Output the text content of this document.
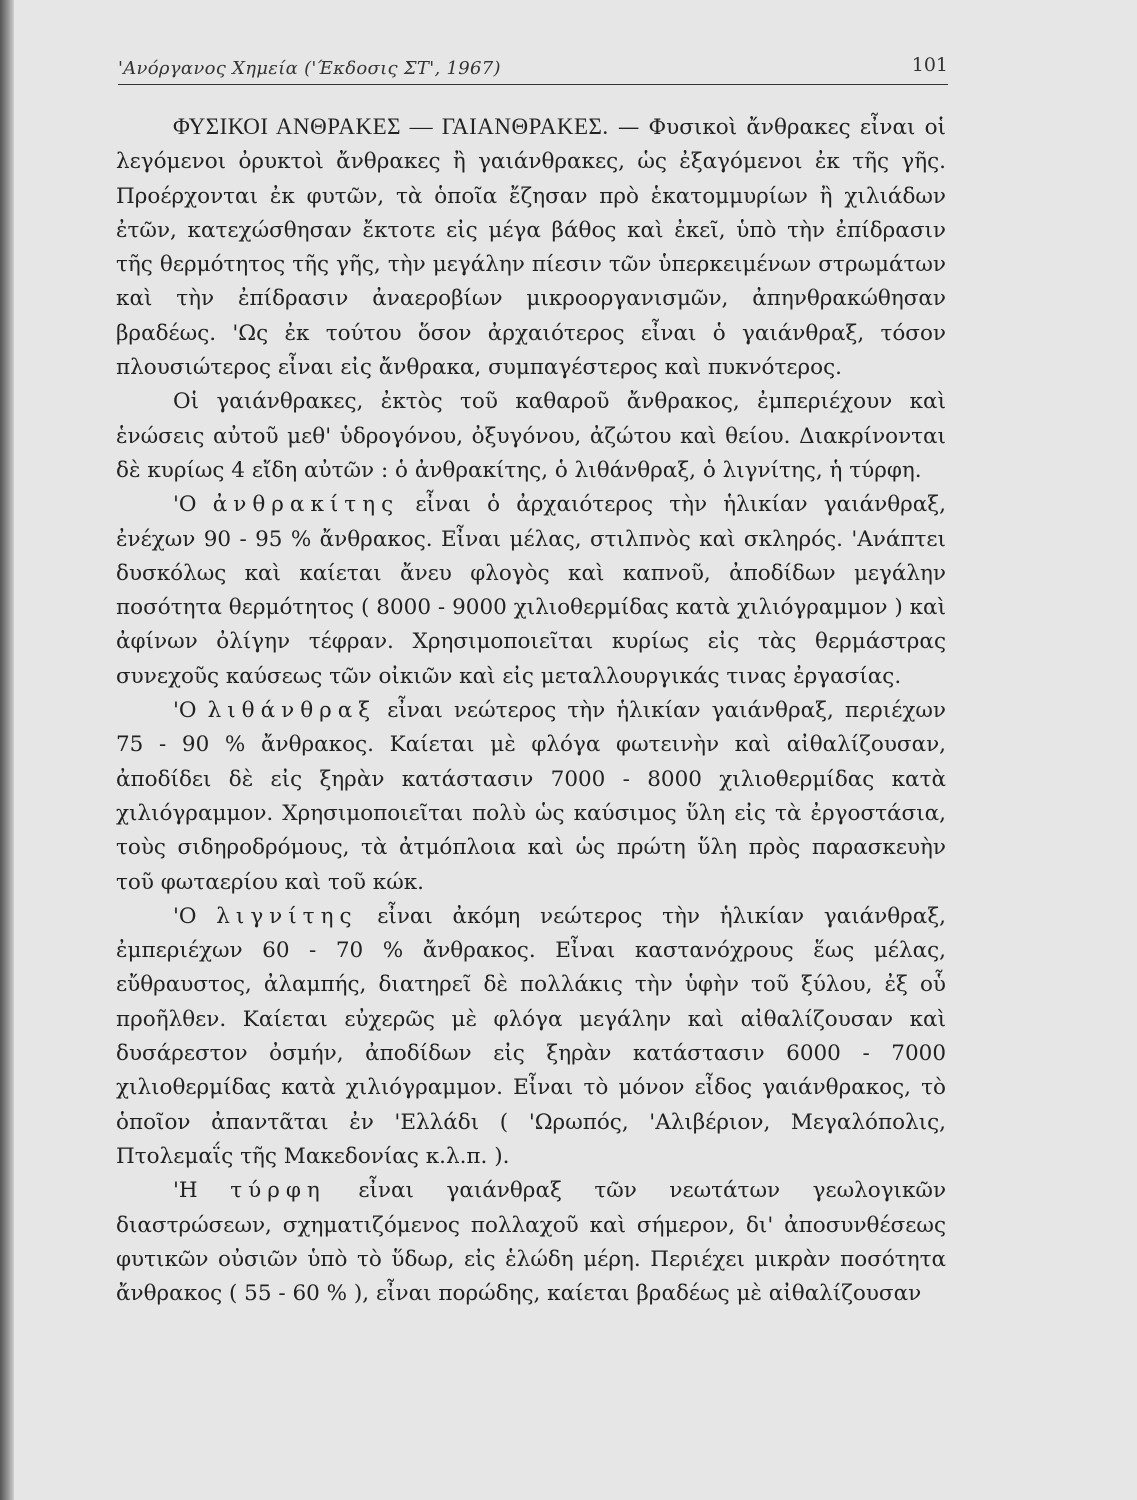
'Ανόργανος Χημεία ('Έκδοσις ΣΤ', 1967)	101

ΦΥΣΙΚΟΙ ΑΝΘΡΑΚΕΣ — ΓΑΙΑΝΘΡΑΚΕΣ. — Φυσικοὶ ἄνθρακες εἶναι οἱ λεγόμενοι ὀρυκτοὶ ἄνθρακες ἢ γαιάνθρακες, ὡς ἐξαγόμενοι ἐκ τῆς γῆς. Προέρχονται ἐκ φυτῶν, τὰ ὁποῖα ἔζησαν πρὸ ἑκατομμυρίων ἢ χιλιάδων ἐτῶν, κατεχώσθησαν ἔκτοτε εἰς μέγα βάθος καὶ ἐκεῖ, ὑπὸ τὴν ἐπίδρασιν τῆς θερμότητος τῆς γῆς, τὴν μεγάλην πίεσιν τῶν ὑπερκειμένων στρωμάτων καὶ τὴν ἐπίδρασιν ἀναεροβίων μικροοργανισμῶν, ἀπηνθρακώθησαν βραδέως. 'Ως ἐκ τούτου ὅσον ἀρχαιότερος εἶναι ὁ γαιάνθραξ, τόσον πλουσιώτερος εἶναι εἰς ἄνθρακα, συμπαγέστερος καὶ πυκνότερος.

Οἱ γαιάνθρακες, ἐκτὸς τοῦ καθαροῦ ἄνθρακος, ἐμπεριέχουν καὶ ἑνώσεις αὐτοῦ μεθ' ὑδρογόνου, ὀξυγόνου, ἀζώτου καὶ θείου. Διακρίνονται δὲ κυρίως 4 εἴδη αὐτῶν : ὁ ἀνθρακίτης, ὁ λιθάνθραξ, ὁ λιγνίτης, ἡ τύρφη.

'Ο ἀνθρακίτης εἶναι ὁ ἀρχαιότερος τὴν ἡλικίαν γαιάνθραξ, ἐνέχων 90 - 95 % ἄνθρακος. Εἶναι μέλας, στιλπνὸς καὶ σκληρός. 'Ανάπτει δυσκόλως καὶ καίεται ἄνευ φλογὸς καὶ καπνοῦ, ἀποδίδων μεγάλην ποσότητα θερμότητος ( 8000 - 9000 χιλιοθερμίδας κατὰ χιλιόγραμμον ) καὶ ἀφίνων ὀλίγην τέφραν. Χρησιμοποιεῖται κυρίως εἰς τὰς θερμάστρας συνεχοῦς καύσεως τῶν οἰκιῶν καὶ εἰς μεταλλουργικάς τινας ἐργασίας.

'Ο λιθάνθραξ εἶναι νεώτερος τὴν ἡλικίαν γαιάνθραξ, περιέχων 75 - 90 % ἄνθρακος. Καίεται μὲ φλόγα φωτεινὴν καὶ αἰθαλίζουσαν, ἀποδίδει δὲ εἰς ξηρὰν κατάστασιν 7000 - 8000 χιλιοθερμίδας κατὰ χιλιόγραμμον. Χρησιμοποιεῖται πολὺ ὡς καύσιμος ὕλη εἰς τὰ ἐργοστάσια, τοὺς σιδηροδρόμους, τὰ ἀτμόπλοια καὶ ὡς πρώτη ὕλη πρὸς παρασκευὴν τοῦ φωταερίου καὶ τοῦ κώκ.

'Ο λιγνίτης εἶναι ἀκόμη νεώτερος τὴν ἡλικίαν γαιάνθραξ, ἐμπεριέχων 60 - 70 % ἄνθρακος. Εἶναι καστανόχρους ἕως μέλας, εὔθραυστος, ἀλαμπής, διατηρεῖ δὲ πολλάκις τὴν ὑφὴν τοῦ ξύλου, ἐξ οὗ προῆλθεν. Καίεται εὐχερῶς μὲ φλόγα μεγάλην καὶ αἰθαλίζουσαν καὶ δυσάρεστον ὀσμήν, ἀποδίδων εἰς ξηρὰν κατάστασιν 6000 - 7000 χιλιοθερμίδας κατὰ χιλιόγραμμον. Εἶναι τὸ μόνον εἶδος γαιάνθρακος, τὸ ὁποῖον ἀπαντᾶται ἐν 'Ελλάδι ( 'Ωρωπός, 'Αλιβέριον, Μεγαλόπολις, Πτολεμαΐς τῆς Μακεδονίας κ.λ.π. ).

'Η τύρφη εἶναι γαιάνθραξ τῶν νεωτάτων γεωλογικῶν διαστρώσεων, σχηματιζόμενος πολλαχοῦ καὶ σήμερον, δι' ἀποσυνθέσεως φυτικῶν οὐσιῶν ὑπὸ τὸ ὕδωρ, εἰς ἑλώδη μέρη. Περιέχει μικρὰν ποσότητα ἄνθρακος ( 55 - 60 % ), εἶναι πορώδης, καίεται βραδέως μὲ αἰθαλίζουσαν
